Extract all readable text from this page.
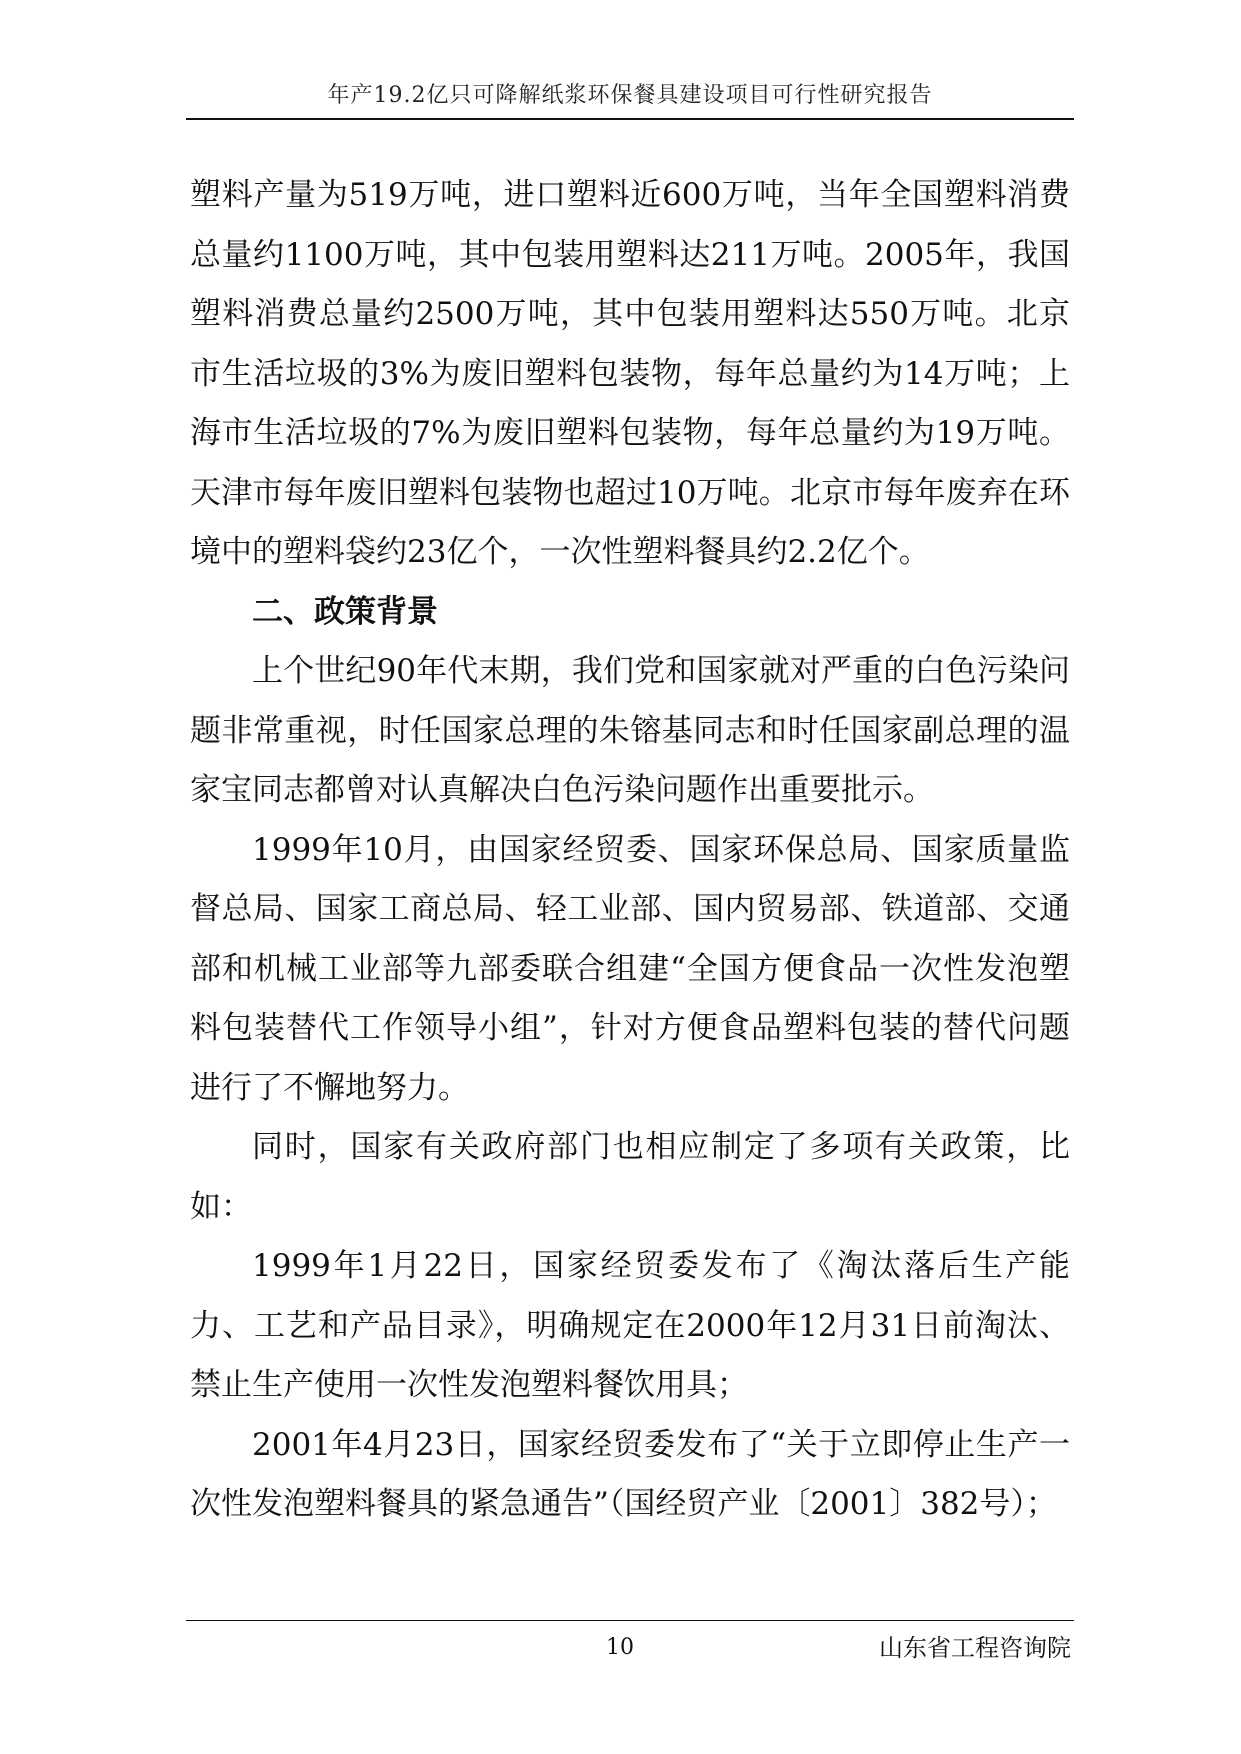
年产19.2亿只可降解纸浆环保餐具建设项目可行性研究报告

塑料产量为519万吨，进口塑料近600万吨，当年全国塑料消费总量约1100万吨，其中包装用塑料达211万吨。2005年，我国塑料消费总量约2500万吨，其中包装用塑料达550万吨。北京市生活垃圾的3%为废旧塑料包装物，每年总量约为14万吨；上海市生活垃圾的7%为废旧塑料包装物，每年总量约为19万吨。天津市每年废旧塑料包装物也超过10万吨。北京市每年废弃在环境中的塑料袋约23亿个，一次性塑料餐具约2.2亿个。

二、政策背景

上个世纪90年代末期，我们党和国家就对严重的白色污染问题非常重视，时任国家总理的朱镕基同志和时任国家副总理的温家宝同志都曾对认真解决白色污染问题作出重要批示。

1999年10月，由国家经贸委、国家环保总局、国家质量监督总局、国家工商总局、轻工业部、国内贸易部、铁道部、交通部和机械工业部等九部委联合组建“全国方便食品一次性发泡塑料包装替代工作领导小组”，针对方便食品塑料包装的替代问题进行了不懈地努力。

同时，国家有关政府部门也相应制定了多项有关政策，比如：

1999年1月22日，国家经贸委发布了《淘汰落后生产能力、工艺和产品目录》，明确规定在2000年12月31日前淘汰、禁止生产使用一次性发泡塑料餐饮用具；

2001年4月23日，国家经贸委发布了“关于立即停止生产一次性发泡塑料餐具的紧急通告”（国经贸产业〔2001〕382号）；

10	山东省工程咨询院
